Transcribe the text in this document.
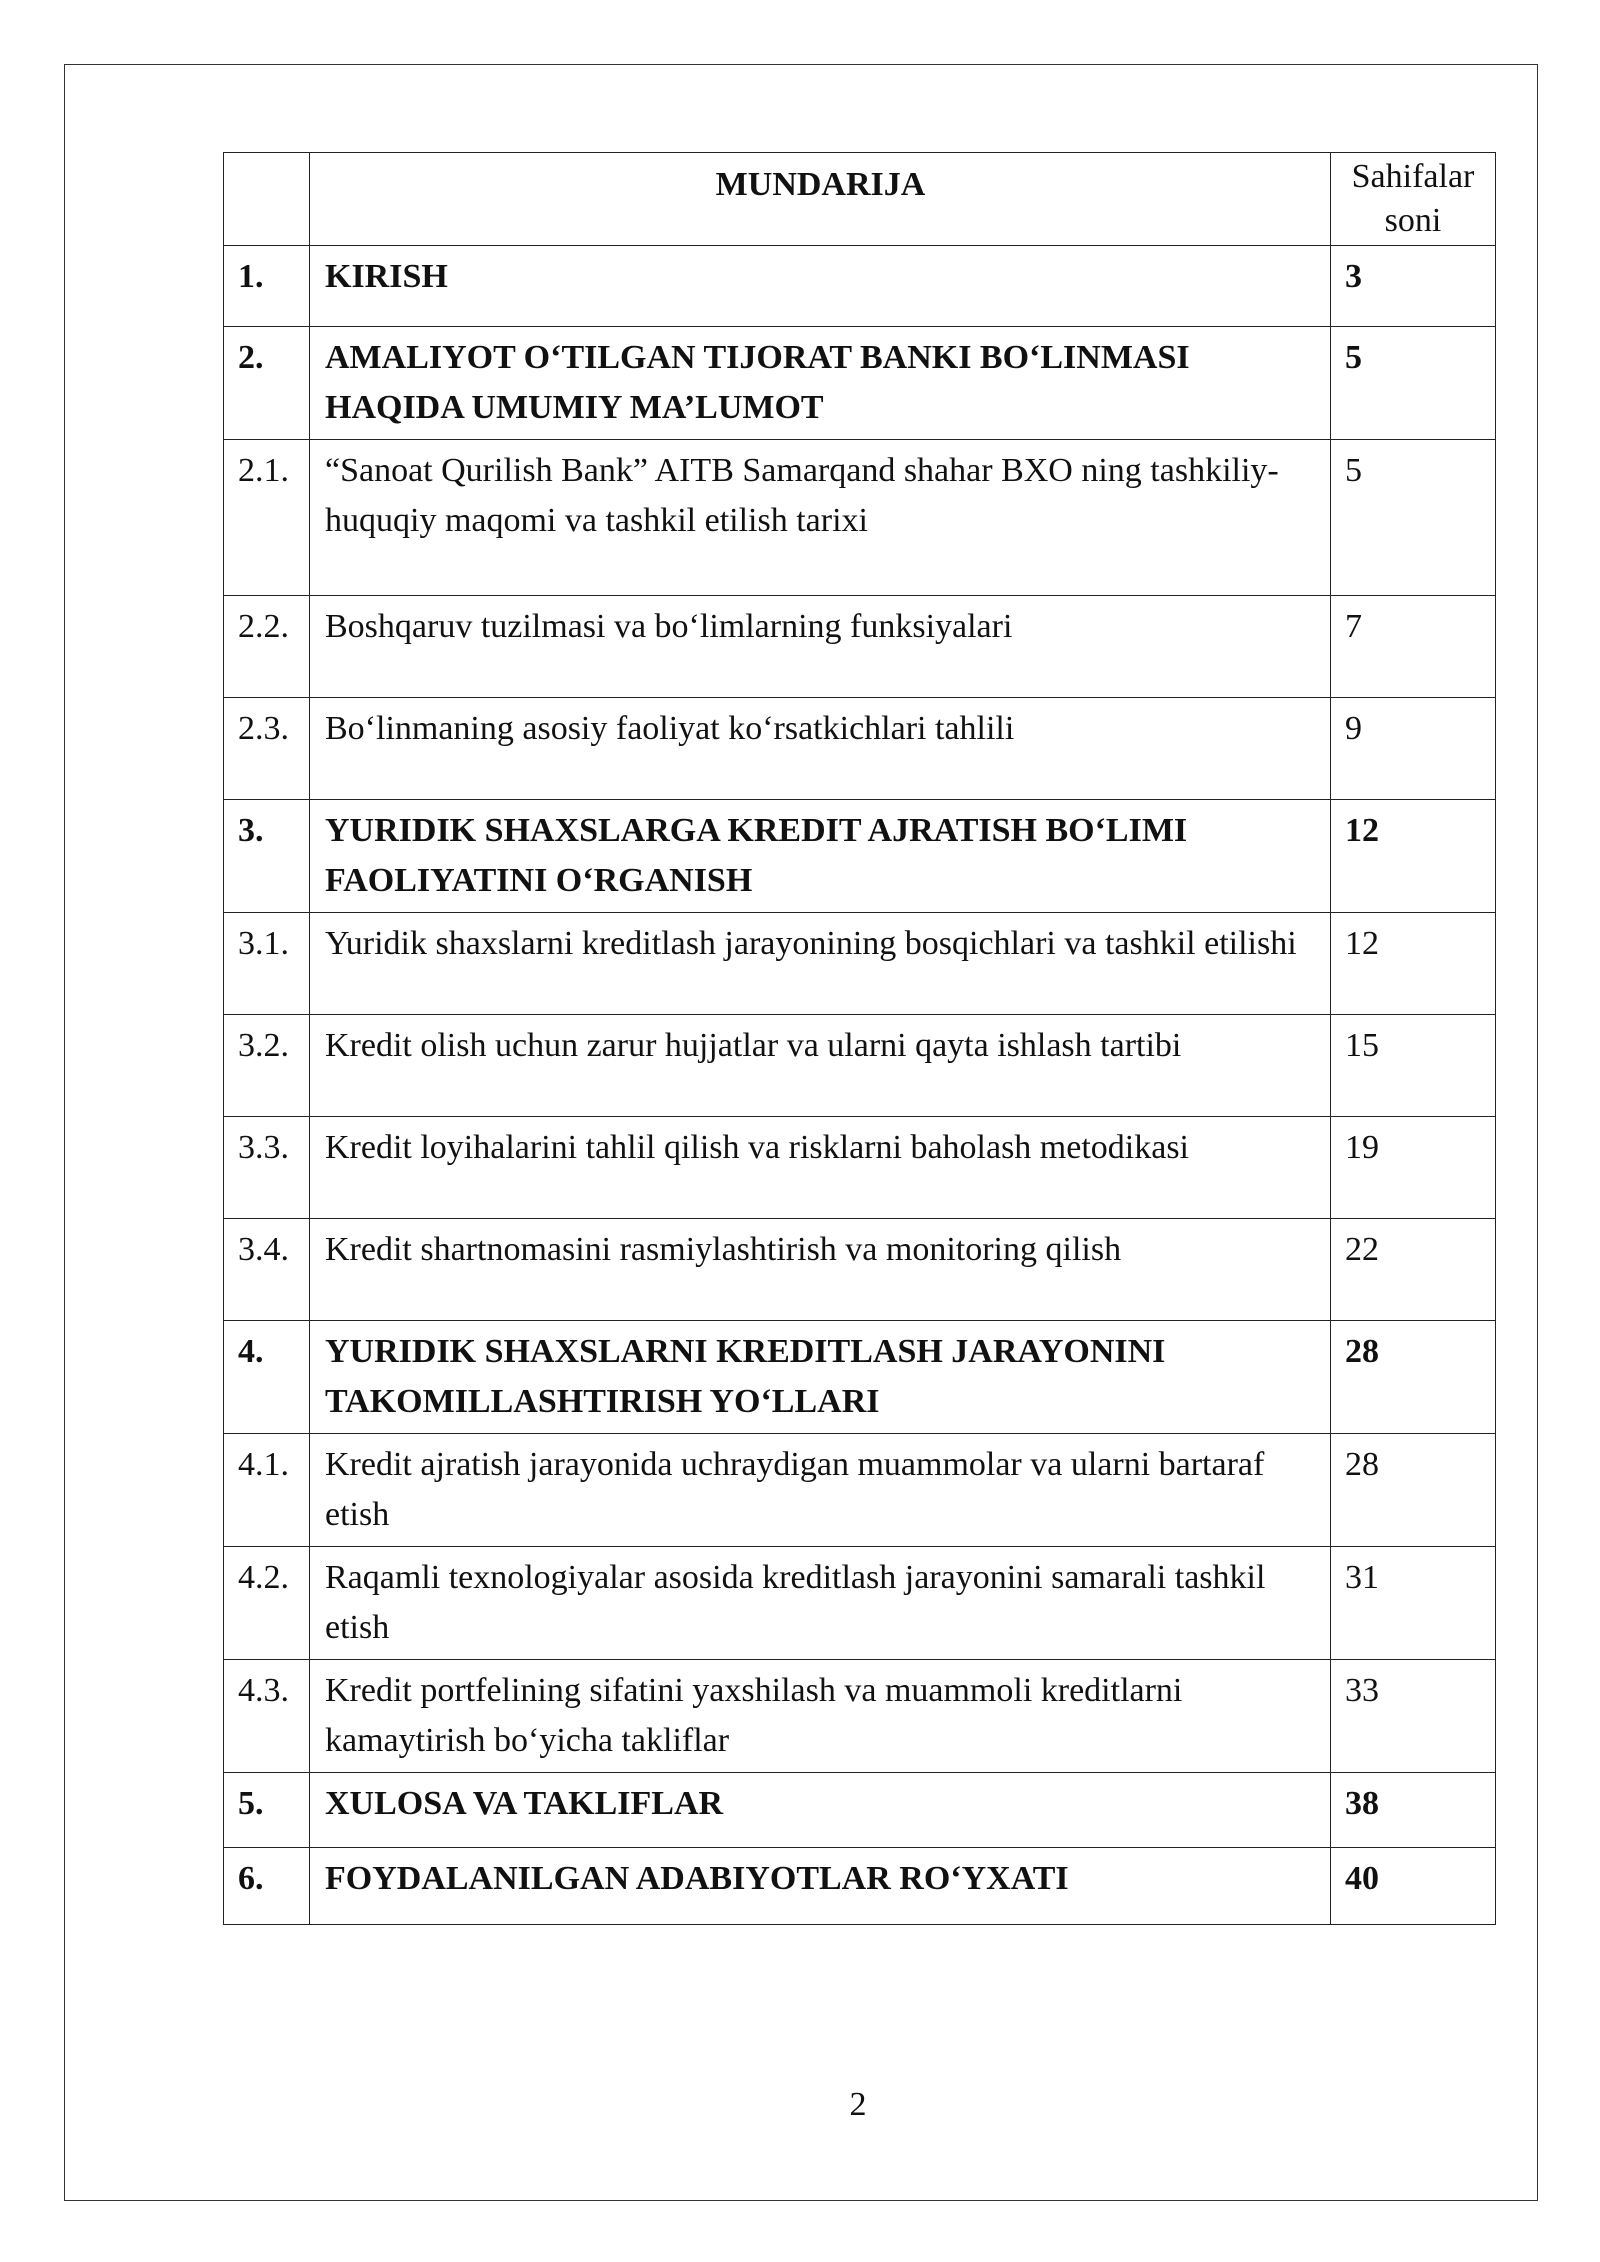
	MUNDARIJA	Sahifalar soni
1.	KIRISH	3
2.	AMALIYOT O‘TILGAN TIJORAT BANKI BO‘LINMASI HAQIDA UMUMIY MA’LUMOT	5
2.1.	“Sanoat Qurilish Bank” AITB Samarqand shahar BXO ning tashkiliy-huquqiy maqomi va tashkil etilish tarixi	5
2.2.	Boshqaruv tuzilmasi va bo‘limlarning funksiyalari	7
2.3.	Bo‘linmaning asosiy faoliyat ko‘rsatkichlari tahlili	9
3.	YURIDIK SHAXSLARGA KREDIT AJRATISH BO‘LIMI FAOLIYATINI O‘RGANISH	12
3.1.	Yuridik shaxslarni kreditlash jarayonining bosqichlari va tashkil etilishi	12
3.2.	Kredit olish uchun zarur hujjatlar va ularni qayta ishlash tartibi	15
3.3.	Kredit loyihalarini tahlil qilish va risklarni baholash metodikasi	19
3.4.	Kredit shartnomasini rasmiylashtirish va monitoring qilish	22
4.	YURIDIK SHAXSLARNI KREDITLASH JARAYONINI TAKOMILLASHTIRISH YO‘LLARI	28
4.1.	Kredit ajratish jarayonida uchraydigan muammolar va ularni bartaraf etish	28
4.2.	Raqamli texnologiyalar asosida kreditlash jarayonini samarali tashkil etish	31
4.3.	Kredit portfelining sifatini yaxshilash va muammoli kreditlarni kamaytirish bo‘yicha takliflar	33
5.	XULOSA VA TAKLIFLAR	38
6.	FOYDALANILGAN ADABIYOTLAR RO‘YXATI	40
2
